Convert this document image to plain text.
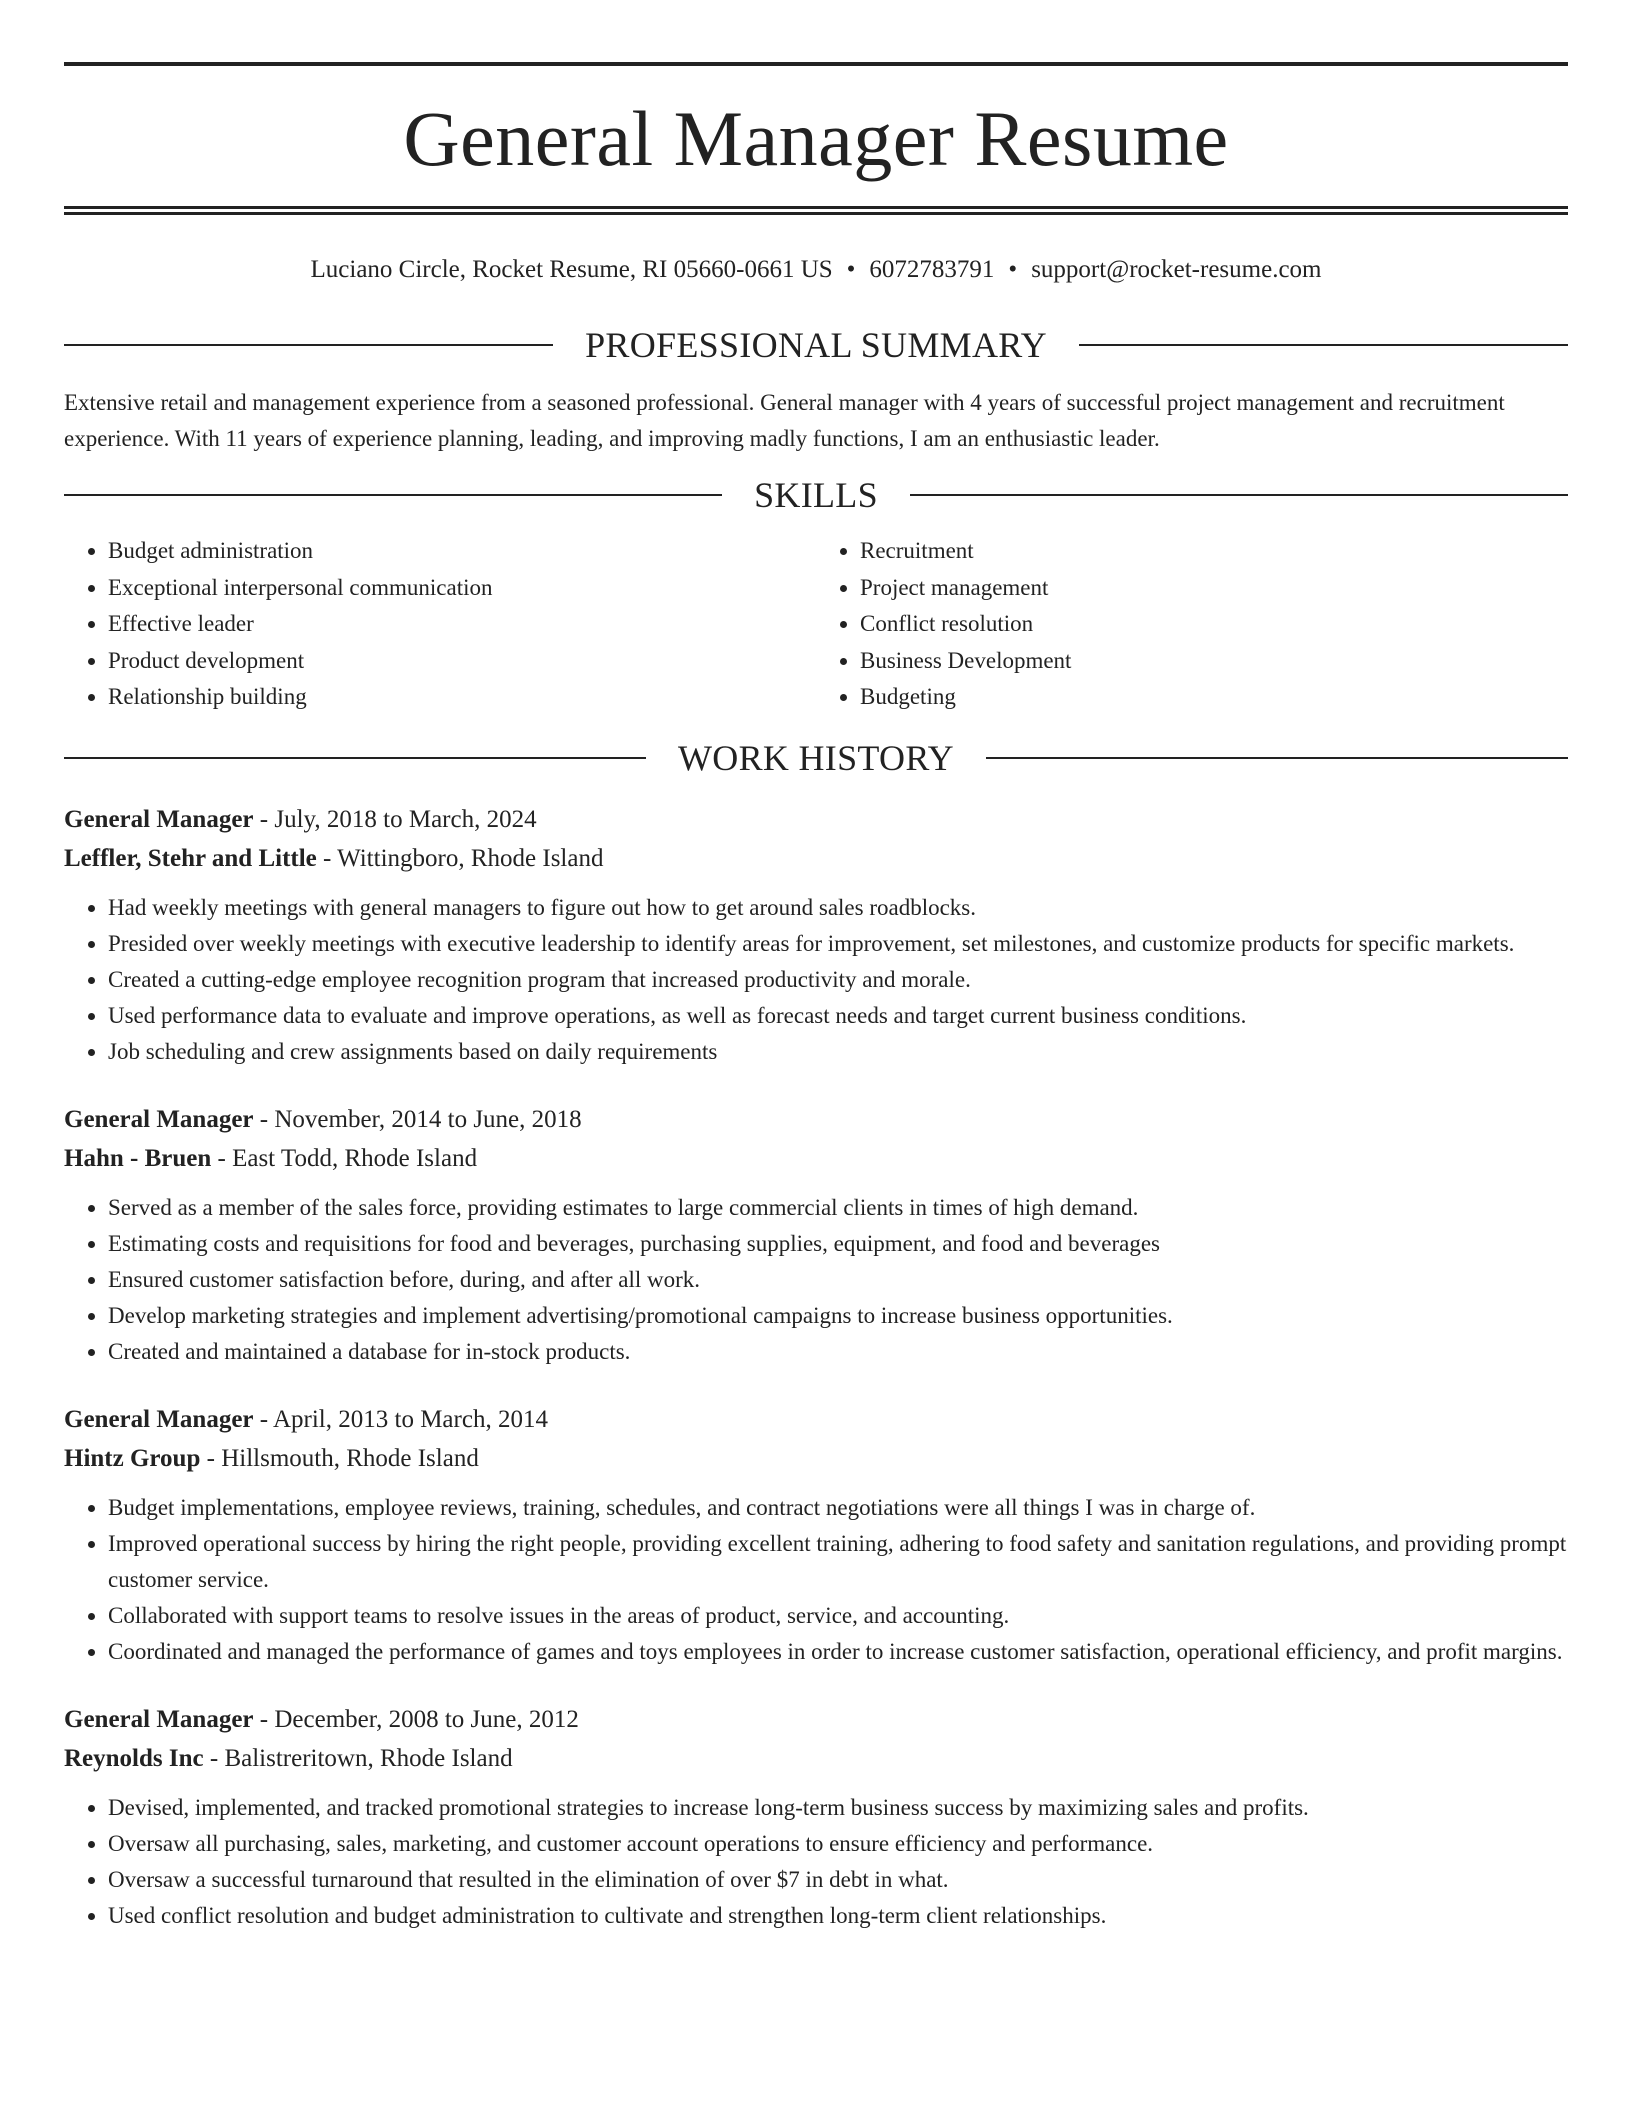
General Manager Resume
Luciano Circle, Rocket Resume, RI 05660-0661 US • 6072783791 • support@rocket-resume.com
PROFESSIONAL SUMMARY

Extensive retail and management experience from a seasoned professional. General manager with 4 years of successful project management and recruitment experience. With 11 years of experience planning, leading, and improving madly functions, I am an enthusiastic leader.

SKILLS
• Budget administration
• Exceptional interpersonal communication
• Effective leader
• Product development
• Relationship building
• Recruitment
• Project management
• Conflict resolution
• Business Development
• Budgeting
WORK HISTORY
General Manager - July, 2018 to March, 2024
Leffler, Stehr and Little - Wittingboro, Rhode Island
• Had weekly meetings with general managers to figure out how to get around sales roadblocks.
• Presided over weekly meetings with executive leadership to identify areas for improvement, set milestones, and customize products for specific markets.
• Created a cutting-edge employee recognition program that increased productivity and morale.
• Used performance data to evaluate and improve operations, as well as forecast needs and target current business conditions.
• Job scheduling and crew assignments based on daily requirements
General Manager - November, 2014 to June, 2018
Hahn - Bruen - East Todd, Rhode Island
• Served as a member of the sales force, providing estimates to large commercial clients in times of high demand.
• Estimating costs and requisitions for food and beverages, purchasing supplies, equipment, and food and beverages
• Ensured customer satisfaction before, during, and after all work.
• Develop marketing strategies and implement advertising/promotional campaigns to increase business opportunities.
• Created and maintained a database for in-stock products.
General Manager - April, 2013 to March, 2014
Hintz Group - Hillsmouth, Rhode Island
• Budget implementations, employee reviews, training, schedules, and contract negotiations were all things I was in charge of.
• Improved operational success by hiring the right people, providing excellent training, adhering to food safety and sanitation regulations, and providing prompt customer service.
• Collaborated with support teams to resolve issues in the areas of product, service, and accounting.
• Coordinated and managed the performance of games and toys employees in order to increase customer satisfaction, operational efficiency, and profit margins.
General Manager - December, 2008 to June, 2012
Reynolds Inc - Balistreritown, Rhode Island
• Devised, implemented, and tracked promotional strategies to increase long-term business success by maximizing sales and profits.
• Oversaw all purchasing, sales, marketing, and customer account operations to ensure efficiency and performance.
• Oversaw a successful turnaround that resulted in the elimination of over $7 in debt in what.
• Used conflict resolution and budget administration to cultivate and strengthen long-term client relationships.
